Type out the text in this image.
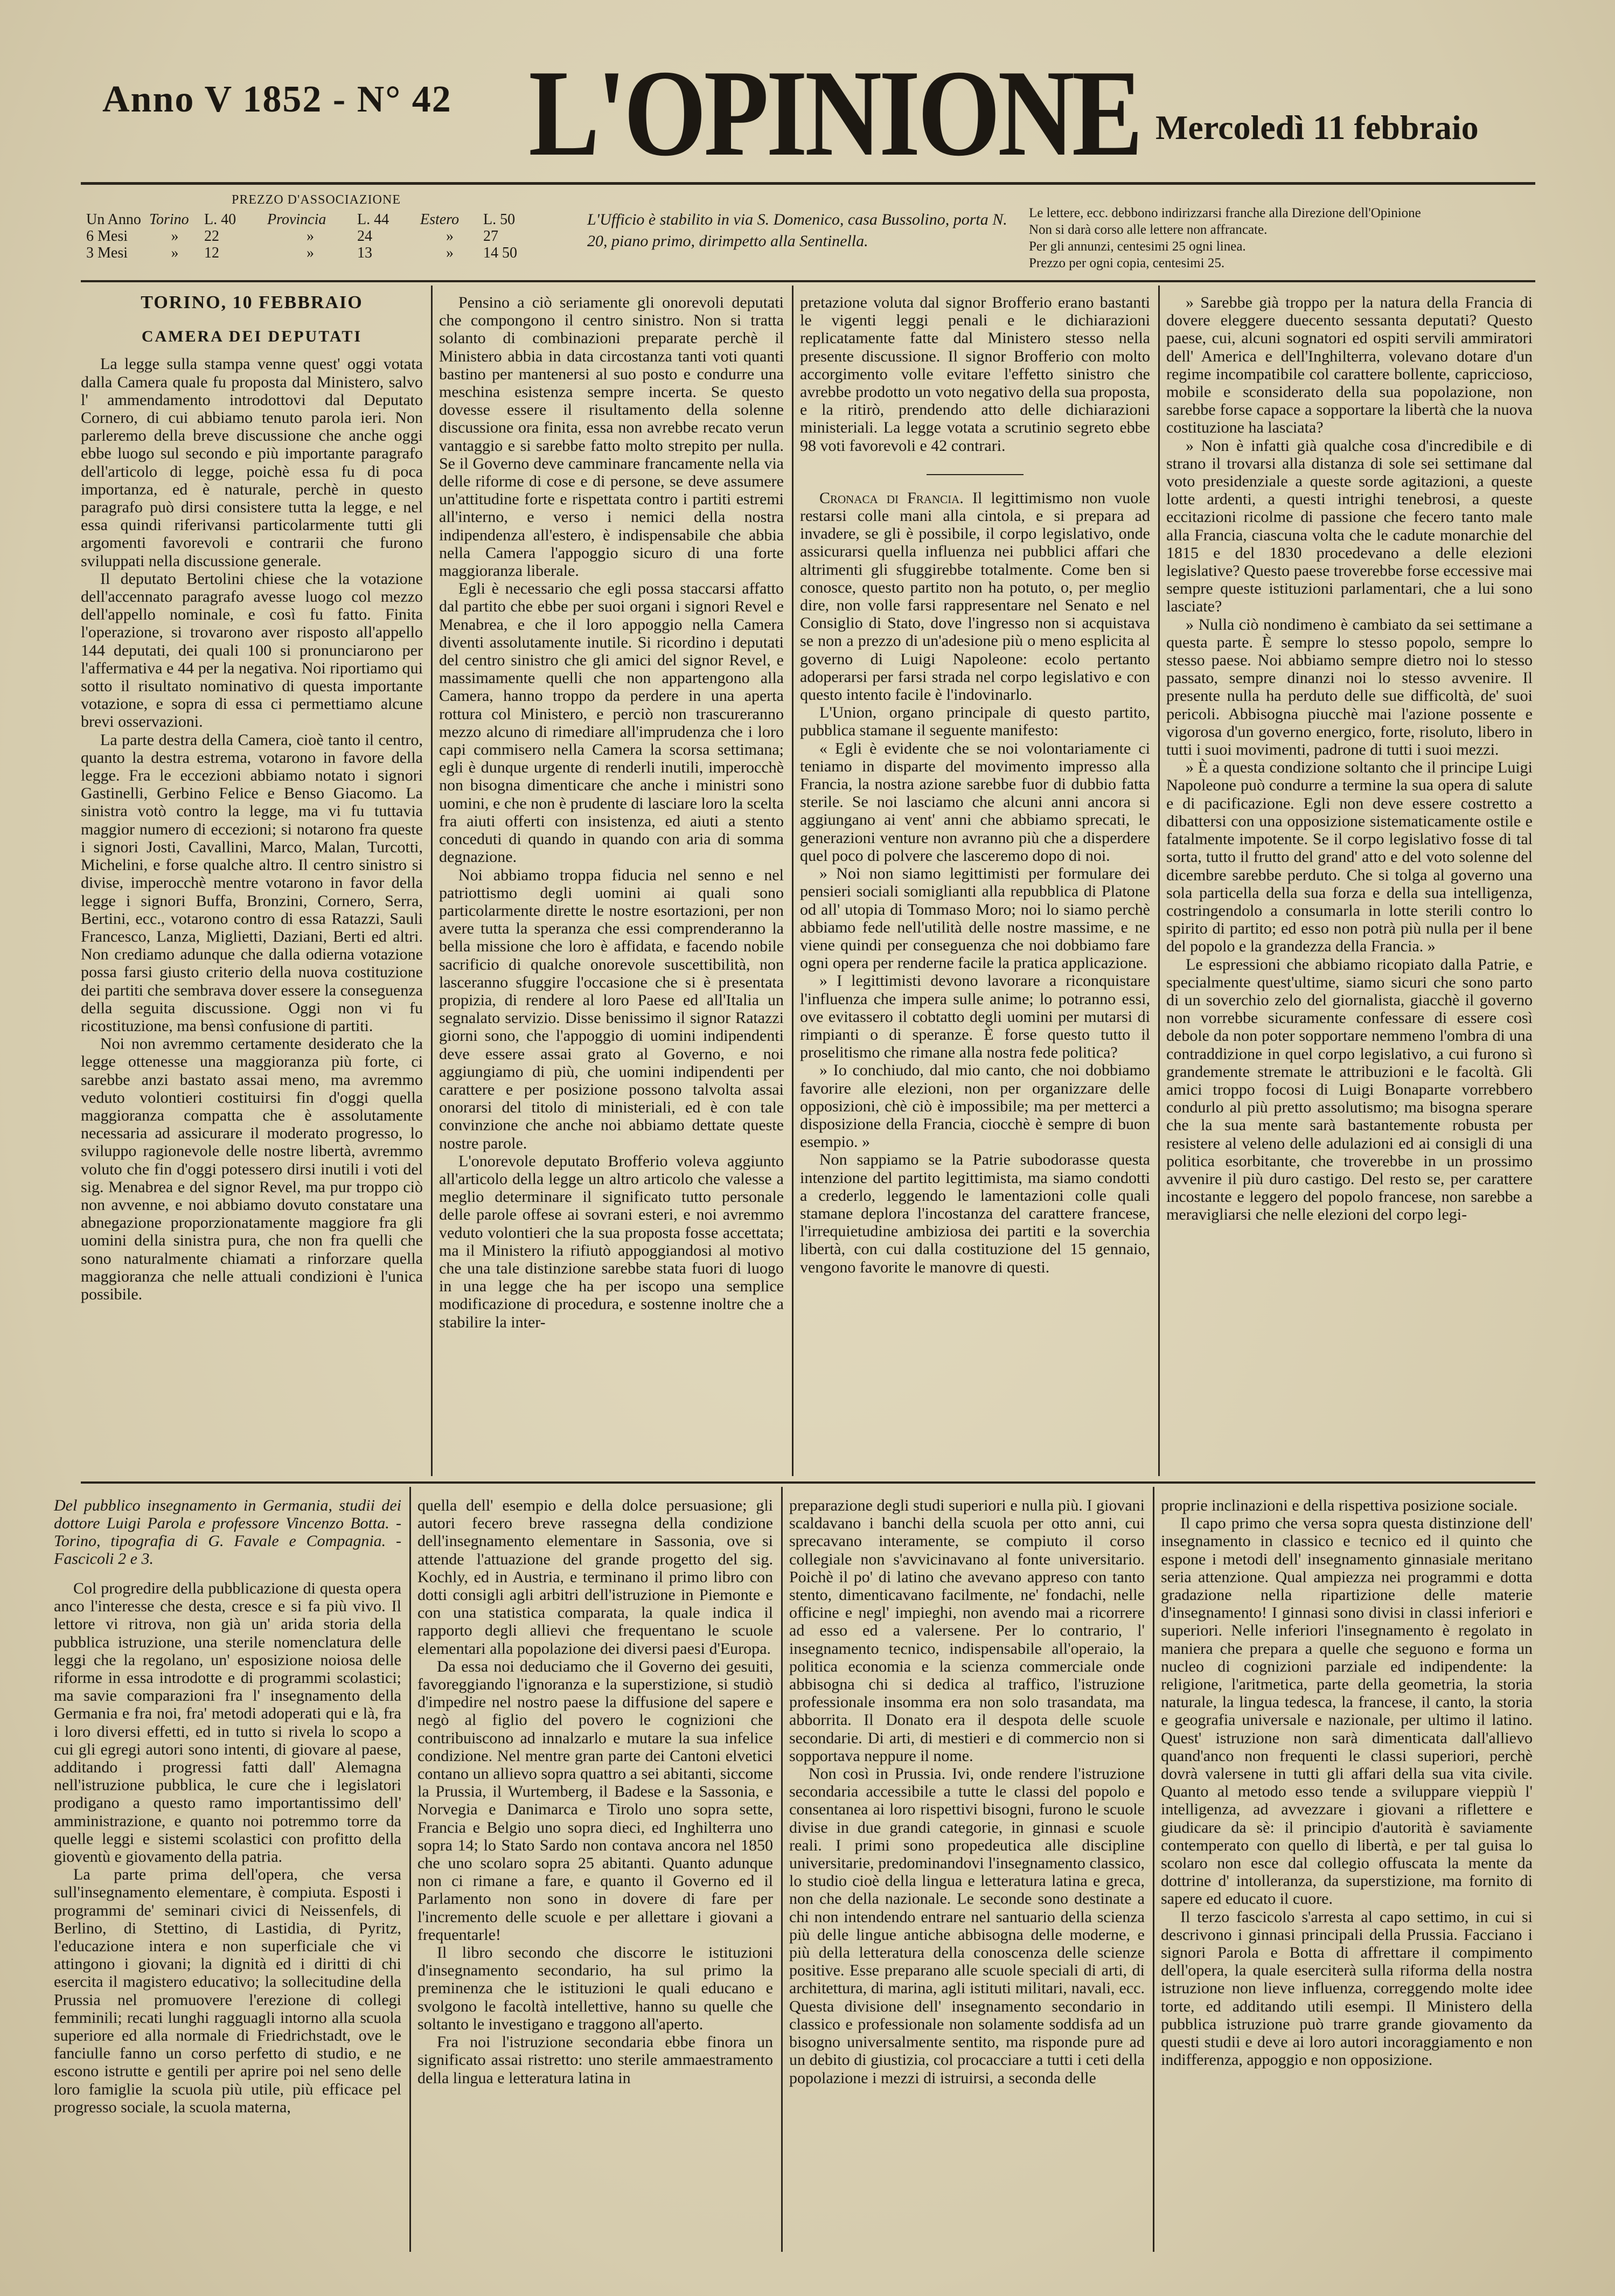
Anno V 1852 - N° 42 L'OPINIONE Mercoledì 11 febbraio
PREZZO D'ASSOCIAZIONE
Un Anno Torino L. 40 Provincia L. 44 Estero L. 50
6 Mesi	» 22	»	24	» 27
3 Mesi	» 12	»	13	» 14 50
L'Ufficio è stabilito in via S. Domenico, casa Bussolino, porta N. 20, piano primo, dirimpetto alla Sentinella.
Le lettere, ecc. debbono indirizzarsi franche alla Direzione dell'Opinione
Non si darà corso alle lettere non affrancate.
Per gli annunzi, centesimi 25 ogni linea.
Prezzo per ogni copia, centesimi 25.
TORINO, 10 FEBBRAIO
CAMERA DEI DEPUTATI

La legge sulla stampa venne quest' oggi votata dalla Camera quale fu proposta dal Ministero, salvo l' ammendamento introdottovi dal Deputato Cornero, di cui abbiamo tenuto parola ieri. Non parleremo della breve discussione che anche oggi ebbe luogo sul secondo e più importante paragrafo dell'articolo di legge, poichè essa fu di poca importanza, ed è naturale, perchè in questo paragrafo può dirsi consistere tutta la legge, e nel essa quindi riferivansi particolarmente tutti gli argomenti favorevoli e contrarii che furono sviluppati nella discussione generale.

Il deputato Bertolini chiese che la votazione dell'accennato paragrafo avesse luogo col mezzo dell'appello nominale, e così fu fatto. Finita l'operazione, si trovarono aver risposto all'appello 144 deputati, dei quali 100 si pronunciarono per l'affermativa e 44 per la negativa. Noi riportiamo qui sotto il risultato nominativo di questa importante votazione, e sopra di essa ci permettiamo alcune brevi osservazioni.

La parte destra della Camera, cioè tanto il centro, quanto la destra estrema, votarono in favore della legge. Fra le eccezioni abbiamo notato i signori Gastinelli, Gerbino Felice e Benso Giacomo. La sinistra votò contro la legge, ma vi fu tuttavia maggior numero di eccezioni; si notarono fra queste i signori Josti, Cavallini, Marco, Malan, Turcotti, Michelini, e forse qualche altro. Il centro sinistro si divise, imperocchè mentre votarono in favor della legge i signori Buffa, Bronzini, Cornero, Serra, Bertini, ecc., votarono contro di essa Ratazzi, Sauli Francesco, Lanza, Miglietti, Daziani, Berti ed altri. Non crediamo adunque che dalla odierna votazione possa farsi giusto criterio della nuova costituzione dei partiti che sembrava dover essere la conseguenza della seguita discussione. Oggi non vi fu ricostituzione, ma bensì confusione di partiti.

Noi non avremmo certamente desiderato che la legge ottenesse una maggioranza più forte, ci sarebbe anzi bastato assai meno, ma avremmo veduto volontieri costituirsi fin d'oggi quella maggioranza compatta che è assolutamente necessaria ad assicurare il moderato progresso, lo sviluppo ragionevole delle nostre libertà, avremmo voluto che fin d'oggi potessero dirsi inutili i voti del sig. Menabrea e del signor Revel, ma pur troppo ciò non avvenne, e noi abbiamo dovuto constatare una abnegazione proporzionatamente maggiore fra gli uomini della sinistra pura, che non fra quelli che sono naturalmente chiamati a rinforzare quella maggioranza che nelle attuali condizioni è l'unica possibile.

Pensino a ciò seriamente gli onorevoli deputati che compongono il centro sinistro. Non si tratta solanto di combinazioni preparate perchè il Ministero abbia in data circostanza tanti voti quanti bastino per mantenersi al suo posto e condurre una meschina esistenza sempre incerta. Se questo dovesse essere il risultamento della solenne discussione ora finita, essa non avrebbe recato verun vantaggio e si sarebbe fatto molto strepito per nulla. Se il Governo deve camminare francamente nella via delle riforme di cose e di persone, se deve assumere un'attitudine forte e rispettata contro i partiti estremi all'interno, e verso i nemici della nostra indipendenza all'estero, è indispensabile che abbia nella Camera l'appoggio sicuro di una forte maggioranza liberale.

Egli è necessario che egli possa staccarsi affatto dal partito che ebbe per suoi organi i signori Revel e Menabrea, e che il loro appoggio nella Camera diventi assolutamente inutile. Si ricordino i deputati del centro sinistro che gli amici del signor Revel, e massimamente quelli che non appartengono alla Camera, hanno troppo da perdere in una aperta rottura col Ministero, e perciò non trascureranno mezzo alcuno di rimediare all'imprudenza che i loro capi commisero nella Camera la scorsa settimana; egli è dunque urgente di renderli inutili, imperocchè non bisogna dimenticare che anche i ministri sono uomini, e che non è prudente di lasciare loro la scelta fra aiuti offerti con insistenza, ed aiuti a stento conceduti di quando in quando con aria di somma degnazione.

Noi abbiamo troppa fiducia nel senno e nel patriottismo degli uomini ai quali sono particolarmente dirette le nostre esortazioni, per non avere tutta la speranza che essi comprenderanno la bella missione che loro è affidata, e facendo nobile sacrificio di qualche onorevole suscettibilità, non lasceranno sfuggire l'occasione che si è presentata propizia, di rendere al loro Paese ed all'Italia un segnalato servizio. Disse benissimo il signor Ratazzi giorni sono, che l'appoggio di uomini indipendenti deve essere assai grato al Governo, e noi aggiungiamo di più, che uomini indipendenti per carattere e per posizione possono talvolta assai onorarsi del titolo di ministeriali, ed è con tale convinzione che anche noi abbiamo dettate queste nostre parole.

L'onorevole deputato Brofferio voleva aggiunto all'articolo della legge un altro articolo che valesse a meglio determinare il significato tutto personale delle parole offese ai sovrani esteri, e noi avremmo veduto volontieri che la sua proposta fosse accettata; ma il Ministero la rifiutò appoggiandosi al motivo che una tale distinzione sarebbe stata fuori di luogo in una legge che ha per iscopo una semplice modificazione di procedura, e sostenne inoltre che a stabilire la inter-

pretazione voluta dal signor Brofferio erano bastanti le vigenti leggi penali e le dichiarazioni replicatamente fatte dal Ministero stesso nella presente discussione. Il signor Brofferio con molto accorgimento volle evitare l'effetto sinistro che avrebbe prodotto un voto negativo della sua proposta, e la ritirò, prendendo atto delle dichiarazioni ministeriali. La legge votata a scrutinio segreto ebbe 98 voti favorevoli e 42 contrari.

Cronaca di Francia. Il legittimismo non vuole restarsi colle mani alla cintola, e si prepara ad invadere, se gli è possibile, il corpo legislativo, onde assicurarsi quella influenza nei pubblici affari che altrimenti gli sfuggirebbe totalmente. Come ben si conosce, questo partito non ha potuto, o, per meglio dire, non volle farsi rappresentare nel Senato e nel Consiglio di Stato, dove l'ingresso non si acquistava se non a prezzo di un'adesione più o meno esplicita al governo di Luigi Napoleone: ecolo pertanto adoperarsi per farsi strada nel corpo legislativo e con questo intento facile è l'indovinarlo.

L'Union, organo principale di questo partito, pubblica stamane il seguente manifesto:

« Egli è evidente che se noi volontariamente ci teniamo in disparte del movimento impresso alla Francia, la nostra azione sarebbe fuor di dubbio fatta sterile. Se noi lasciamo che alcuni anni ancora si aggiungano ai vent' anni che abbiamo sprecati, le generazioni venture non avranno più che a disperdere quel poco di polvere che lasceremo dopo di noi.

» Noi non siamo legittimisti per formulare dei pensieri sociali somiglianti alla repubblica di Platone od all' utopia di Tommaso Moro; noi lo siamo perchè abbiamo fede nell'utilità delle nostre massime, e ne viene quindi per conseguenza che noi dobbiamo fare ogni opera per renderne facile la pratica applicazione.

» I legittimisti devono lavorare a riconquistare l'influenza che impera sulle anime; lo potranno essi, ove evitassero il cobtatto degli uomini per mutarsi di rimpianti o di speranze. È forse questo tutto il proselitismo che rimane alla nostra fede politica?

» Io conchiudo, dal mio canto, che noi dobbiamo favorire alle elezioni, non per organizzare delle opposizioni, chè ciò è impossibile; ma per metterci a disposizione della Francia, ciocchè è sempre di buon esempio. »

Non sappiamo se la Patrie subodorasse questa intenzione del partito legittimista, ma siamo condotti a crederlo, leggendo le lamentazioni colle quali stamane deplora l'incostanza del carattere francese, l'irrequietudine ambiziosa dei partiti e la soverchia libertà, con cui dalla costituzione del 15 gennaio, vengono favorite le manovre di questi.

» Sarebbe già troppo per la natura della Francia di dovere eleggere duecento sessanta deputati? Questo paese, cui, alcuni sognatori ed ospiti servili ammiratori dell' America e dell'Inghilterra, volevano dotare d'un regime incompatibile col carattere bollente, capriccioso, mobile e sconsiderato della sua popolazione, non sarebbe forse capace a sopportare la libertà che la nuova costituzione ha lasciata?

» Non è infatti già qualche cosa d'incredibile e di strano il trovarsi alla distanza di sole sei settimane dal voto presidenziale a queste sorde agitazioni, a queste lotte ardenti, a questi intrighi tenebrosi, a queste eccitazioni ricolme di passione che fecero tanto male alla Francia, ciascuna volta che le cadute monarchie del 1815 e del 1830 procedevano a delle elezioni legislative? Questo paese troverebbe forse eccessive mai sempre queste istituzioni parlamentari, che a lui sono lasciate?

» Nulla ciò nondimeno è cambiato da sei settimane a questa parte. È sempre lo stesso popolo, sempre lo stesso paese. Noi abbiamo sempre dietro noi lo stesso passato, sempre dinanzi noi lo stesso avvenire. Il presente nulla ha perduto delle sue difficoltà, de' suoi pericoli. Abbisogna piucchè mai l'azione possente e vigorosa d'un governo energico, forte, risoluto, libero in tutti i suoi movimenti, padrone di tutti i suoi mezzi.

» È a questa condizione soltanto che il principe Luigi Napoleone può condurre a termine la sua opera di salute e di pacificazione. Egli non deve essere costretto a dibattersi con una opposizione sistematicamente ostile e fatalmente impotente. Se il corpo legislativo fosse di tal sorta, tutto il frutto del grand' atto e del voto solenne del dicembre sarebbe perduto. Che si tolga al governo una sola particella della sua forza e della sua intelligenza, costringendolo a consumarla in lotte sterili contro lo spirito di partito; ed esso non potrà più nulla per il bene del popolo e la grandezza della Francia. »

Le espressioni che abbiamo ricopiato dalla Patrie, e specialmente quest'ultime, siamo sicuri che sono parto di un soverchio zelo del giornalista, giacchè il governo non vorrebbe sicuramente confessare di essere così debole da non poter sopportare nemmeno l'ombra di una contraddizione in quel corpo legislativo, a cui furono sì grandemente stremate le attribuzioni e le facoltà. Gli amici troppo focosi di Luigi Bonaparte vorrebbero condurlo al più pretto assolutismo; ma bisogna sperare che la sua mente sarà bastantemente robusta per resistere al veleno delle adulazioni ed ai consigli di una politica esorbitante, che troverebbe in un prossimo avvenire il più duro castigo. Del resto se, per carattere incostante e leggero del popolo francese, non sarebbe a meravigliarsi che nelle elezioni del corpo legi-

Del pubblico insegnamento in Germania, studii dei dottore Luigi Parola e professore Vincenzo Botta. - Torino, tipografia di G. Favale e Compagnia. - Fascicoli 2 e 3.

Col progredire della pubblicazione di questa opera anco l'interesse che desta, cresce e si fa più vivo. Il lettore vi ritrova, non già un' arida storia della pubblica istruzione, una sterile nomenclatura delle leggi che la regolano, un' esposizione noiosa delle riforme in essa introdotte e di programmi scolastici; ma savie comparazioni fra l' insegnamento della Germania e fra noi, fra' metodi adoperati qui e là, fra i loro diversi effetti, ed in tutto si rivela lo scopo a cui gli egregi autori sono intenti, di giovare al paese, additando i progressi fatti dall' Alemagna nell'istruzione pubblica, le cure che i legislatori prodigano a questo ramo importantissimo dell' amministrazione, e quanto noi potremmo torre da quelle leggi e sistemi scolastici con profitto della gioventù e giovamento della patria.

La parte prima dell'opera, che versa sull'insegnamento elementare, è compiuta. Esposti i programmi de' seminari civici di Neissenfels, di Berlino, di Stettino, di Lastidia, di Pyritz, l'educazione intera e non superficiale che vi attingono i giovani; la dignità ed i diritti di chi esercita il magistero educativo; la sollecitudine della Prussia nel promuovere l'erezione di collegi femminili; recati lunghi ragguagli intorno alla scuola superiore ed alla normale di Friedrichstadt, ove le fanciulle fanno un corso perfetto di studio, e ne escono istrutte e gentili per aprire poi nel seno delle loro famiglie la scuola più utile, più efficace pel progresso sociale, la scuola materna,

quella dell' esempio e della dolce persuasione; gli autori fecero breve rassegna della condizione dell'insegnamento elementare in Sassonia, ove si attende l'attuazione del grande progetto del sig. Kochly, ed in Austria, e terminano il primo libro con dotti consigli agli arbitri dell'istruzione in Piemonte e con una statistica comparata, la quale indica il rapporto degli allievi che frequentano le scuole elementari alla popolazione dei diversi paesi d'Europa.

Da essa noi deduciamo che il Governo dei gesuiti, favoreggiando l'ignoranza e la superstizione, si studiò d'impedire nel nostro paese la diffusione del sapere e negò al figlio del povero le cognizioni che contribuiscono ad innalzarlo e mutare la sua infelice condizione. Nel mentre gran parte dei Cantoni elvetici contano un allievo sopra quattro a sei abitanti, siccome la Prussia, il Wurtemberg, il Badese e la Sassonia, e Norvegia e Danimarca e Tirolo uno sopra sette, Francia e Belgio uno sopra dieci, ed Inghilterra uno sopra 14; lo Stato Sardo non contava ancora nel 1850 che uno scolaro sopra 25 abitanti. Quanto adunque non ci rimane a fare, e quanto il Governo ed il Parlamento non sono in dovere di fare per l'incremento delle scuole e per allettare i giovani a frequentarle!

Il libro secondo che discorre le istituzioni d'insegnamento secondario, ha sul primo la preminenza che le istituzioni le quali educano e svolgono le facoltà intellettive, hanno su quelle che soltanto le investigano e traggono all'aperto.

Fra noi l'istruzione secondaria ebbe finora un significato assai ristretto: uno sterile ammaestramento della lingua e letteratura latina in

preparazione degli studi superiori e nulla più. I giovani scaldavano i banchi della scuola per otto anni, cui sprecavano interamente, se compiuto il corso collegiale non s'avvicinavano al fonte universitario. Poichè il po' di latino che avevano appreso con tanto stento, dimenticavano facilmente, ne' fondachi, nelle officine e negl' impieghi, non avendo mai a ricorrere ad esso ed a valersene. Per lo contrario, l' insegnamento tecnico, indispensabile all'operaio, la politica economia e la scienza commerciale onde abbisogna chi si dedica al traffico, l'istruzione professionale insomma era non solo trasandata, ma abborrita. Il Donato era il despota delle scuole secondarie. Di arti, di mestieri e di commercio non si sopportava neppure il nome.

Non così in Prussia. Ivi, onde rendere l'istruzione secondaria accessibile a tutte le classi del popolo e consentanea ai loro rispettivi bisogni, furono le scuole divise in due grandi categorie, in ginnasi e scuole reali. I primi sono propedeutica alle discipline universitarie, predominandovi l'insegnamento classico, lo studio cioè della lingua e letteratura latina e greca, non che della nazionale. Le seconde sono destinate a chi non intendendo entrare nel santuario della scienza più delle lingue antiche abbisogna delle moderne, e più della letteratura della conoscenza delle scienze positive. Esse preparano alle scuole speciali di arti, di architettura, di marina, agli istituti militari, navali, ecc. Questa divisione dell' insegnamento secondario in classico e professionale non solamente soddisfa ad un bisogno universalmente sentito, ma risponde pure ad un debito di giustizia, col procacciare a tutti i ceti della popolazione i mezzi di istruirsi, a seconda delle

proprie inclinazioni e della rispettiva posizione sociale.

Il capo primo che versa sopra questa distinzione dell' insegnamento in classico e tecnico ed il quinto che espone i metodi dell' insegnamento ginnasiale meritano seria attenzione. Qual ampiezza nei programmi e dotta gradazione nella ripartizione delle materie d'insegnamento! I ginnasi sono divisi in classi inferiori e superiori. Nelle inferiori l'insegnamento è regolato in maniera che prepara a quelle che seguono e forma un nucleo di cognizioni parziale ed indipendente: la religione, l'aritmetica, parte della geometria, la storia naturale, la lingua tedesca, la francese, il canto, la storia e geografia universale e nazionale, per ultimo il latino. Quest' istruzione non sarà dimenticata dall'allievo quand'anco non frequenti le classi superiori, perchè dovrà valersene in tutti gli affari della sua vita civile. Quanto al metodo esso tende a sviluppare vieppiù l' intelligenza, ad avvezzare i giovani a riflettere e giudicare da sè: il principio d'autorità è saviamente contemperato con quello di libertà, e per tal guisa lo scolaro non esce dal collegio offuscata la mente da dottrine d' intolleranza, da superstizione, ma fornito di sapere ed educato il cuore.

Il terzo fascicolo s'arresta al capo settimo, in cui si descrivono i ginnasi principali della Prussia. Facciano i signori Parola e Botta di affrettare il compimento dell'opera, la quale eserciterà sulla riforma della nostra istruzione non lieve influenza, correggendo molte idee torte, ed additando utili esempi. Il Ministero della pubblica istruzione può trarre grande giovamento da questi studii e deve ai loro autori incoraggiamento e non indifferenza, appoggio e non opposizione.
